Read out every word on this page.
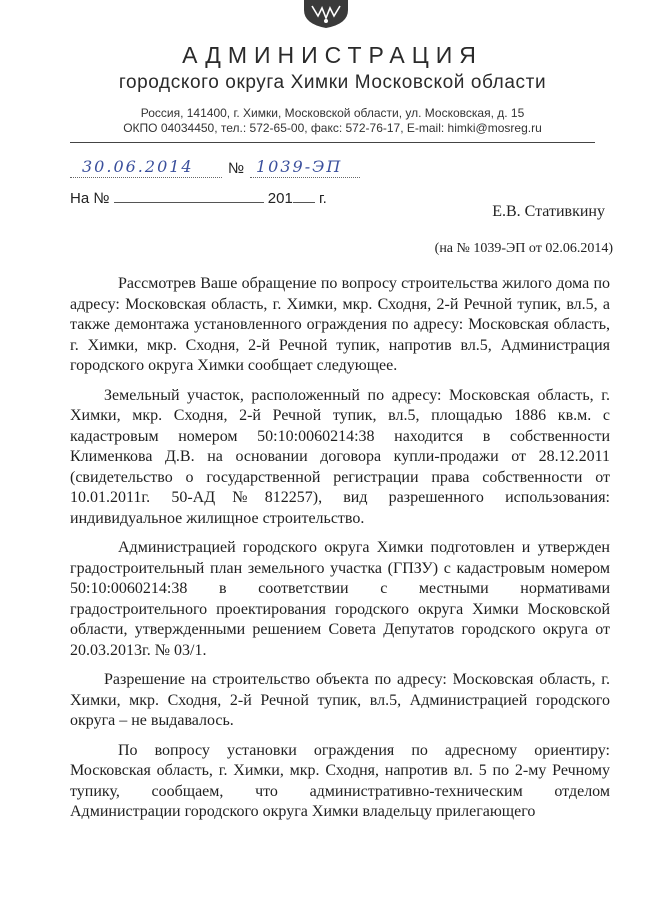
АДМИНИСТРАЦИЯ
городского округа Химки Московской области
Россия, 141400, г. Химки, Московской области, ул. Московская, д. 15
ОКПО 04034450, тел.: 572-65-00, факс: 572-76-17, E-mail: himki@mosreg.ru
30.06.2014 № 1039-ЭП
На №	201 г.
Е.В. Стативкину
(на № 1039-ЭП от 02.06.2014)

Рассмотрев Ваше обращение по вопросу строительства жилого дома по адресу: Московская область, г. Химки, мкр. Сходня, 2-й Речной тупик, вл.5, а также демонтажа установленного ограждения по адресу: Московская область, г. Химки, мкр. Сходня, 2-й Речной тупик, напротив вл.5, Администрация городского округа Химки сообщает следующее.

Земельный участок, расположенный по адресу: Московская область, г. Химки, мкр. Сходня, 2-й Речной тупик, вл.5, площадью 1886 кв.м. с кадастровым номером 50:10:0060214:38 находится в собственности Клименкова Д.В. на основании договора купли-продажи от 28.12.2011 (свидетельство о государственной регистрации права собственности от 10.01.2011г. 50-АД№812257), вид разрешенного использования: индивидуальное жилищное строительство.

Администрацией городского округа Химки подготовлен и утвержден градостроительный план земельного участка (ГПЗУ) с кадастровым номером 50:10:0060214:38 в соответствии с местными нормативами градостроительного проектирования городского округа Химки Московской области, утвержденными решением Совета Депутатов городского округа от 20.03.2013г. № 03/1.

Разрешение на строительство объекта по адресу: Московская область, г. Химки, мкр. Сходня, 2-й Речной тупик, вл.5, Администрацией городского округа – не выдавалось.

По вопросу установки ограждения по адресному ориентиру: Московская область, г. Химки, мкр. Сходня, напротив вл. 5 по 2-му Речному тупику, сообщаем, что административно-техническим отделом Администрации городского округа Химки владельцу прилегающего
